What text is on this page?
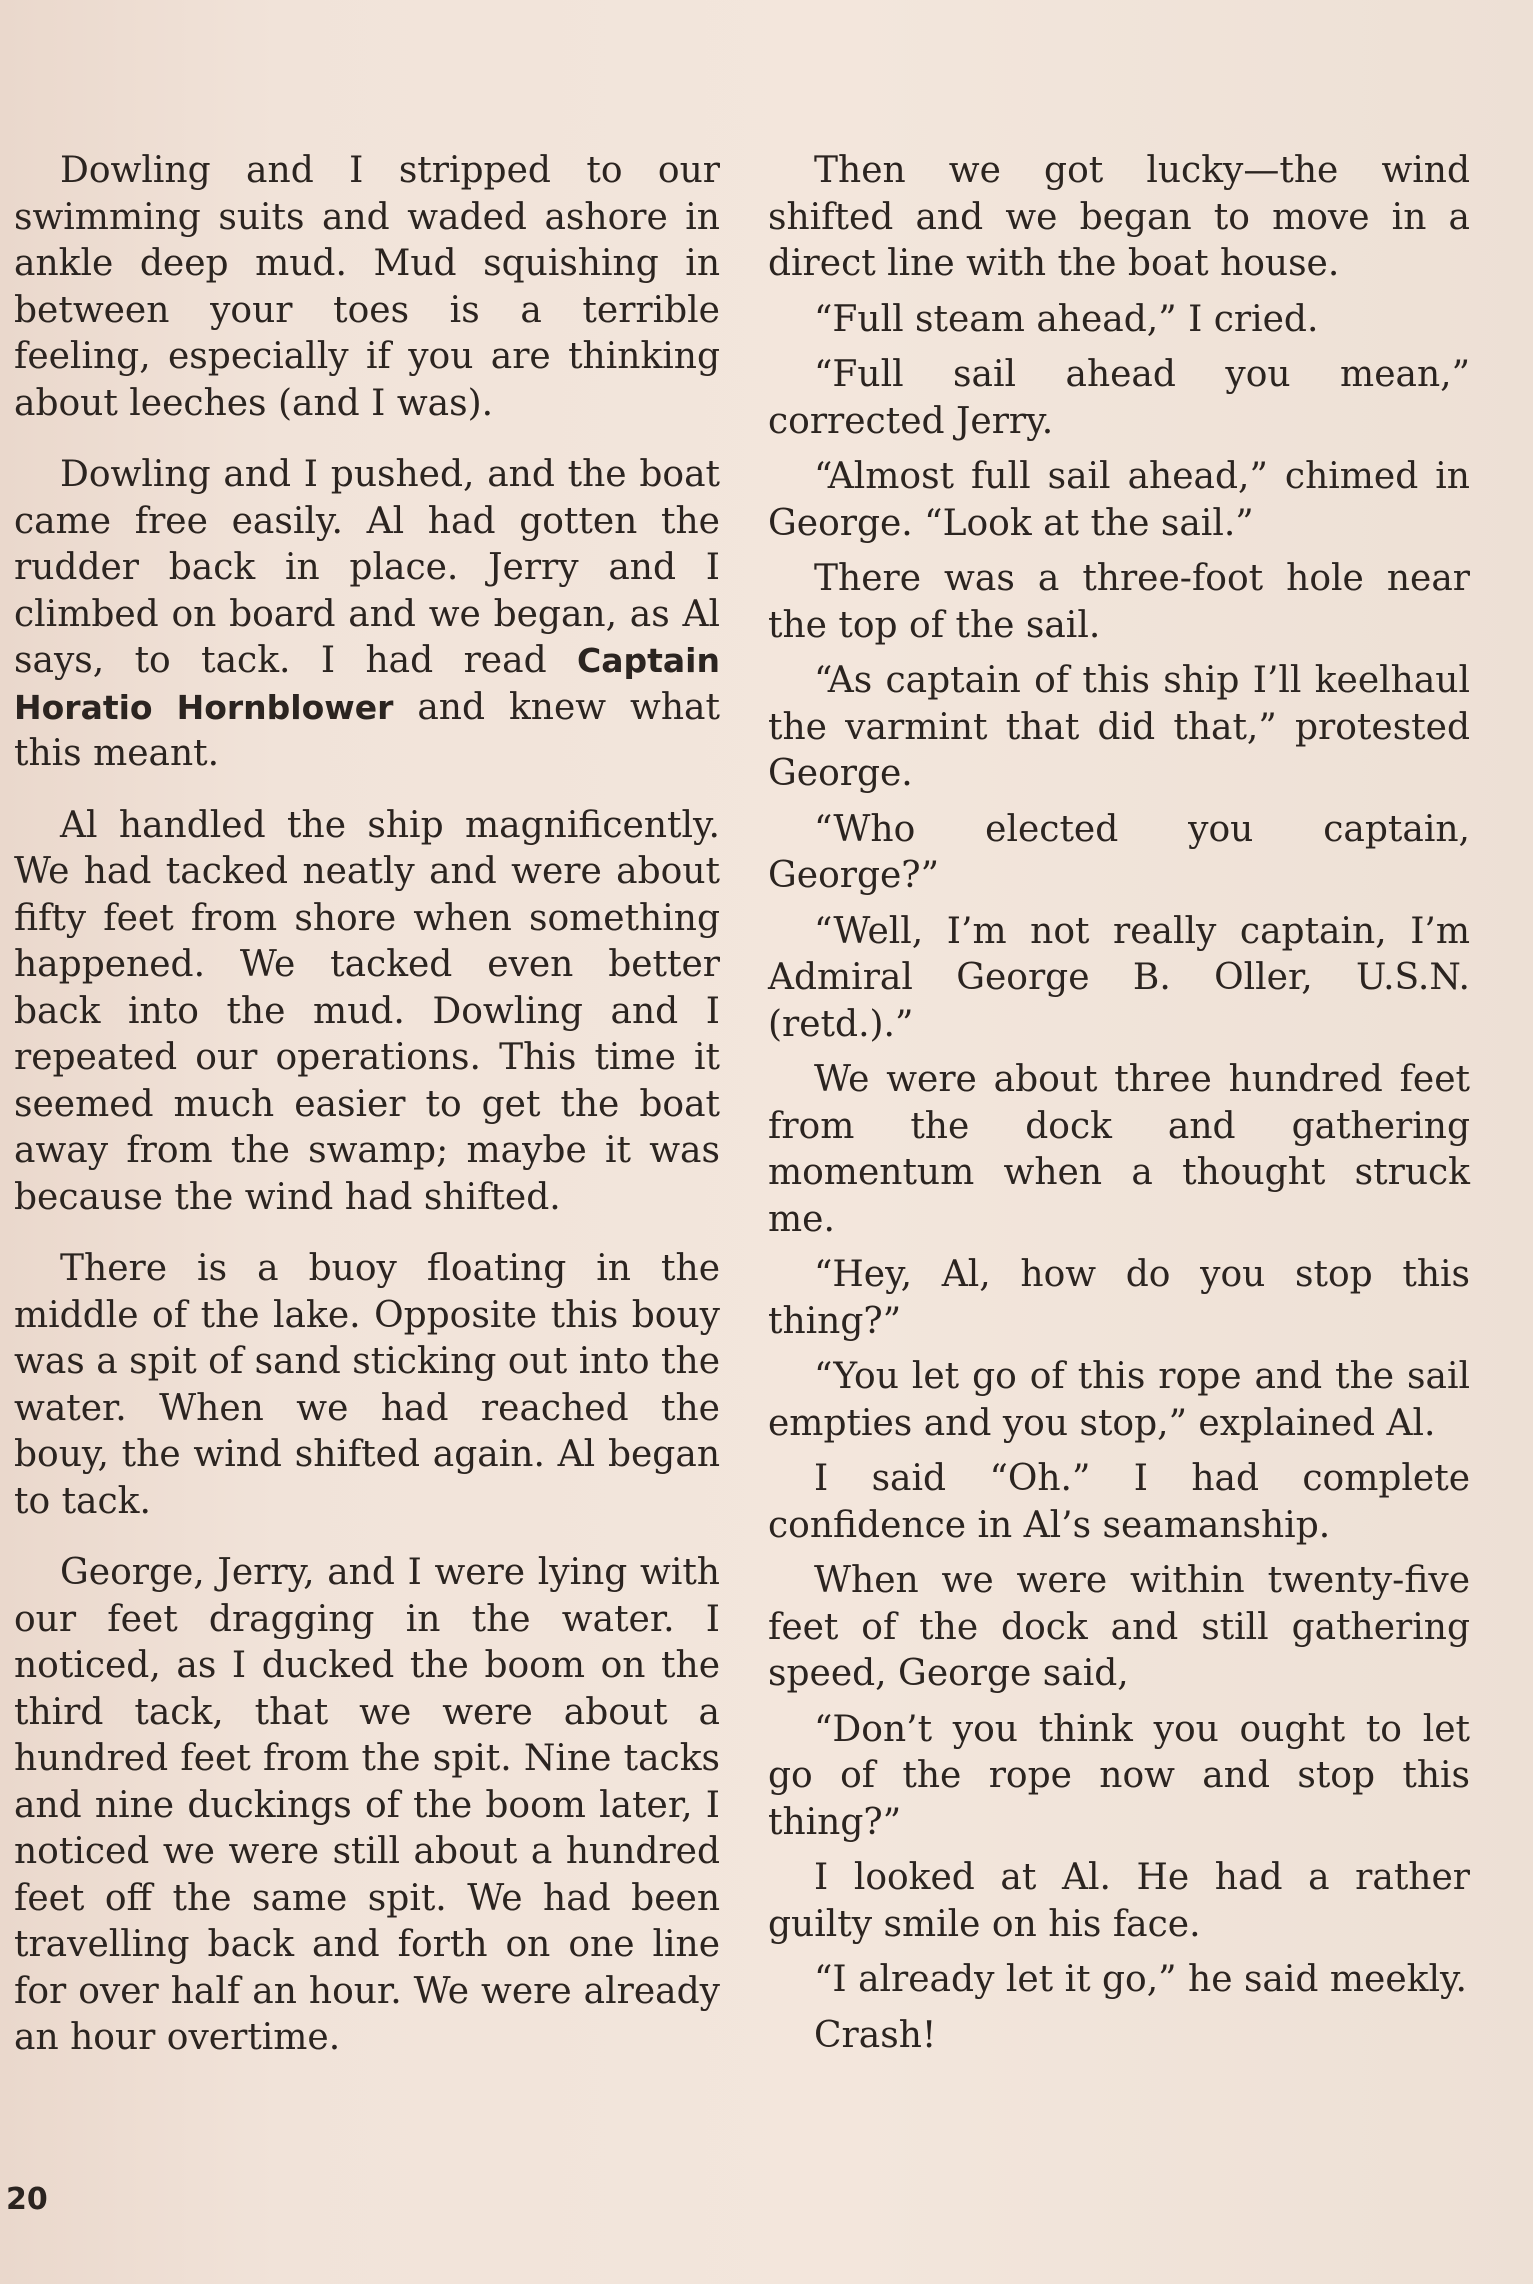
Dowling and I stripped to our swimming suits and waded ashore in ankle deep mud. Mud squishing in between your toes is a terrible feeling, especially if you are thinking about leeches (and I was).

Dowling and I pushed, and the boat came free easily. Al had gotten the rudder back in place. Jerry and I climbed on board and we began, as Al says, to tack. I had read Captain Horatio Hornblower and knew what this meant.

Al handled the ship magnificently. We had tacked neatly and were about fifty feet from shore when something happened. We tacked even better back into the mud. Dowling and I repeated our operations. This time it seemed much easier to get the boat away from the swamp; maybe it was because the wind had shifted.

There is a buoy floating in the middle of the lake. Opposite this bouy was a spit of sand sticking out into the water. When we had reached the bouy, the wind shifted again. Al began to tack.

George, Jerry, and I were lying with our feet dragging in the water. I noticed, as I ducked the boom on the third tack, that we were about a hundred feet from the spit. Nine tacks and nine duckings of the boom later, I noticed we were still about a hundred feet off the same spit. We had been travelling back and forth on one line for over half an hour. We were already an hour overtime.

Then we got lucky—the wind shifted and we began to move in a direct line with the boat house.

“Full steam ahead,” I cried.

“Full sail ahead you mean,” corrected Jerry.

“Almost full sail ahead,” chimed in George. “Look at the sail.”

There was a three-foot hole near the top of the sail.

“As captain of this ship I’ll keelhaul the varmint that did that,” protested George.

“Who elected you captain, George?”

“Well, I’m not really captain, I’m Admiral George B. Oller, U.S.N. (retd.).”

We were about three hundred feet from the dock and gathering momentum when a thought struck me.

“Hey, Al, how do you stop this thing?”

“You let go of this rope and the sail empties and you stop,” explained Al.

I said “Oh.” I had complete confidence in Al’s seamanship.

When we were within twenty-five feet of the dock and still gathering speed, George said,

“Don’t you think you ought to let go of the rope now and stop this thing?”

I looked at Al. He had a rather guilty smile on his face.

“I already let it go,” he said meekly.

Crash!

20
